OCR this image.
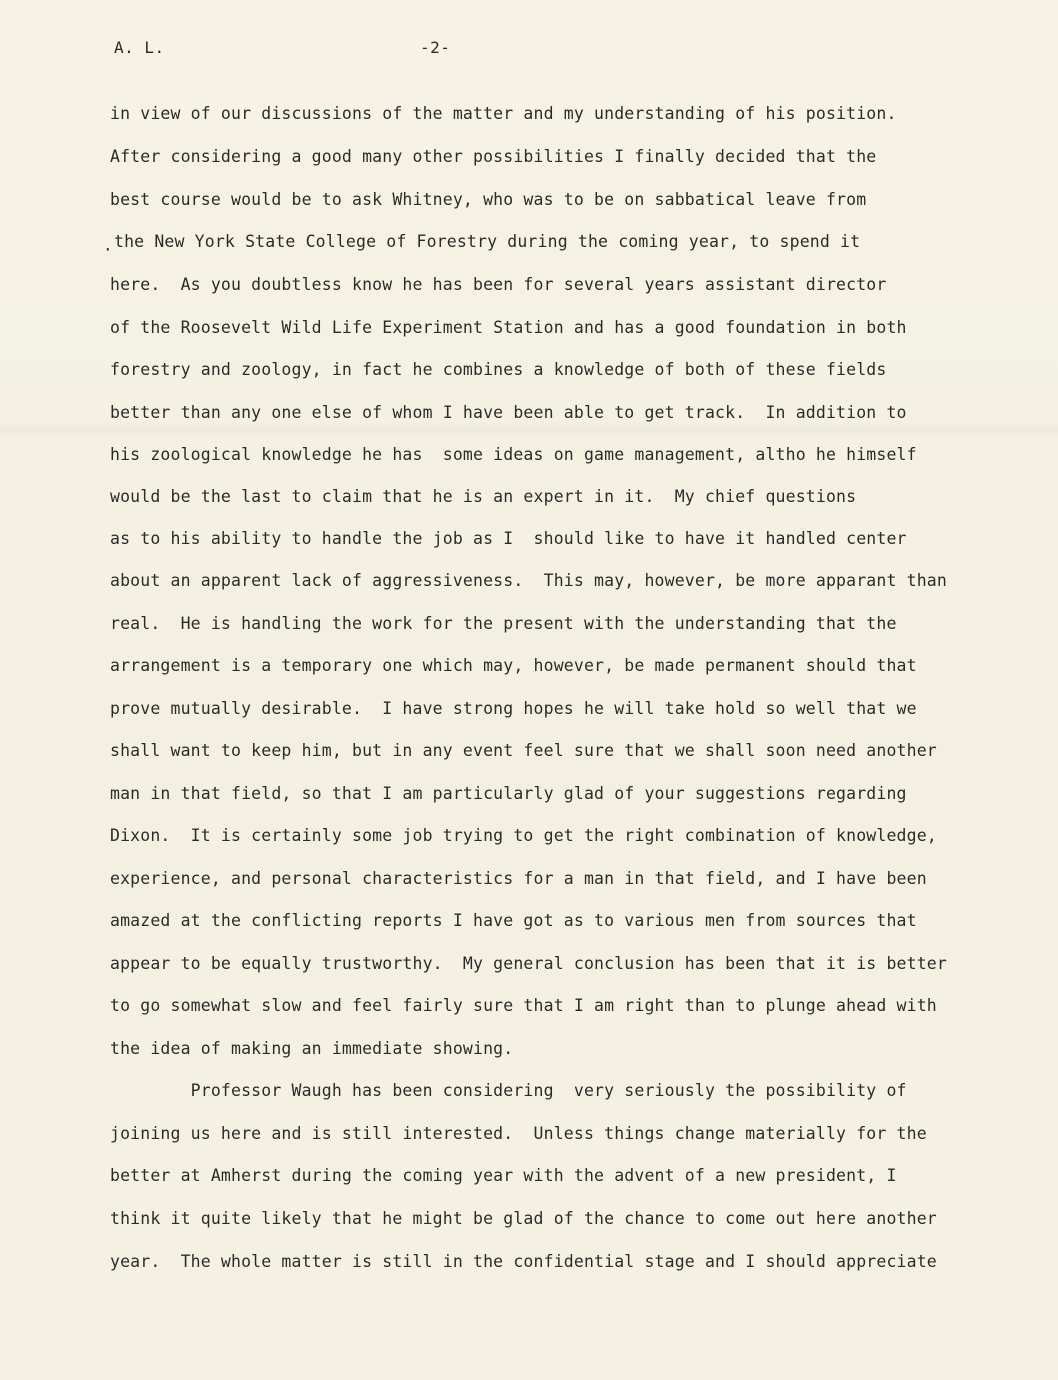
A. L.	-2-
·
in view of our discussions of the matter and my understanding of his position.
After considering a good many other possibilities I finally decided that the
best course would be to ask Whitney, who was to be on sabbatical leave from
the New York State College of Forestry during the coming year, to spend it
here.  As you doubtless know he has been for several years assistant director
of the Roosevelt Wild Life Experiment Station and has a good foundation in both
forestry and zoology, in fact he combines a knowledge of both of these fields
better than any one else of whom I have been able to get track.  In addition to
his zoological knowledge he has  some ideas on game management, altho he himself
would be the last to claim that he is an expert in it.  My chief questions
as to his ability to handle the job as I  should like to have it handled center
about an apparent lack of aggressiveness.  This may, however, be more apparant than
real.  He is handling the work for the present with the understanding that the
arrangement is a temporary one which may, however, be made permanent should that
prove mutually desirable.  I have strong hopes he will take hold so well that we
shall want to keep him, but in any event feel sure that we shall soon need another
man in that field, so that I am particularly glad of your suggestions regarding
Dixon.  It is certainly some job trying to get the right combination of knowledge,
experience, and personal characteristics for a man in that field, and I have been
amazed at the conflicting reports I have got as to various men from sources that
appear to be equally trustworthy.  My general conclusion has been that it is better
to go somewhat slow and feel fairly sure that I am right than to plunge ahead with
the idea of making an immediate showing.
Professor Waugh has been considering  very seriously the possibility of
joining us here and is still interested.  Unless things change materially for the
better at Amherst during the coming year with the advent of a new president, I
think it quite likely that he might be glad of the chance to come out here another
year.  The whole matter is still in the confidential stage and I should appreciate
